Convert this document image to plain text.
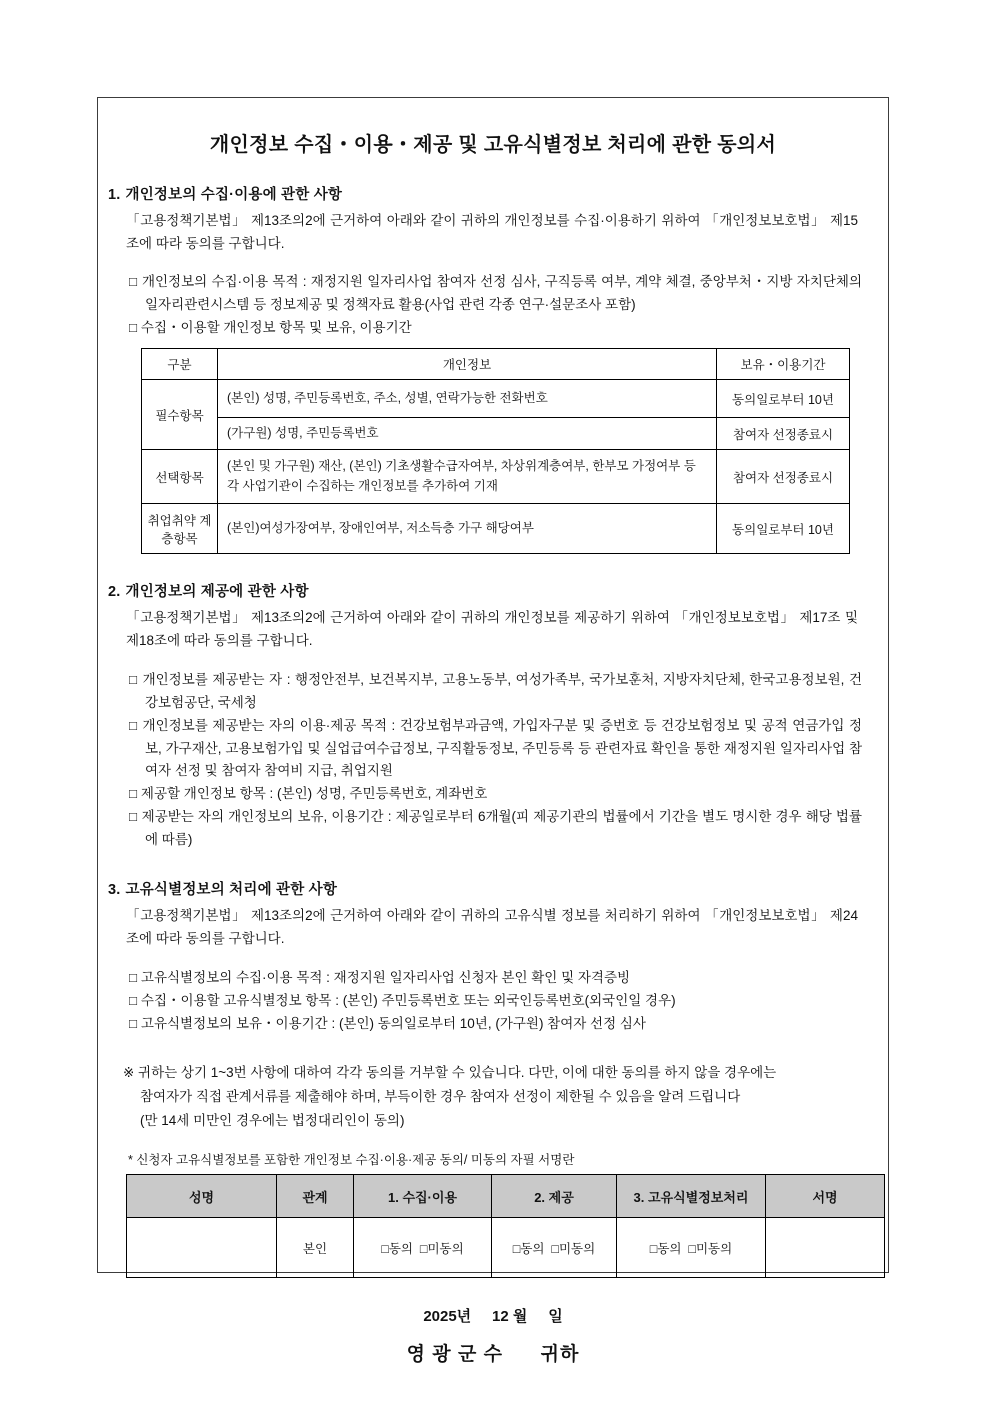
개인정보 수집・이용・제공 및 고유식별정보 처리에 관한 동의서
1. 개인정보의 수집·이용에 관한 사항
「고용정책기본법」 제13조의2에 근거하여 아래와 같이 귀하의 개인정보를 수집·이용하기 위하여 「개인정보보호법」 제15조에 따라 동의를 구합니다.
□ 개인정보의 수집·이용 목적 : 재정지원 일자리사업 참여자 선정 심사, 구직등록 여부, 계약 체결, 중앙부처・지방 자치단체의 일자리관련시스템 등 정보제공 및 정책자료 활용(사업 관련 각종 연구·설문조사 포함)
□ 수집・이용할 개인정보 항목 및 보유, 이용기간
구분	개인정보	보유・이용기간
필수항목	(본인) 성명, 주민등록번호, 주소, 성별, 연락가능한 전화번호	동의일로부터 10년
	(가구원) 성명, 주민등록번호	참여자 선정종료시
선택항목	(본인 및 가구원) 재산, (본인) 기초생활수급자여부, 차상위계층여부, 한부모 가정여부 등 각 사업기관이 수집하는 개인정보를 추가하여 기재	참여자 선정종료시
취업취약 계층항목	(본인)여성가장여부, 장애인여부, 저소득층 가구 해당여부	동의일로부터 10년
2. 개인정보의 제공에 관한 사항
「고용정책기본법」 제13조의2에 근거하여 아래와 같이 귀하의 개인정보를 제공하기 위하여 「개인정보보호법」 제17조 및 제18조에 따라 동의를 구합니다.
□ 개인정보를 제공받는 자 : 행정안전부, 보건복지부, 고용노동부, 여성가족부, 국가보훈처, 지방자치단체, 한국고용정보원, 건강보험공단, 국세청
□ 개인정보를 제공받는 자의 이용·제공 목적 : 건강보험부과금액, 가입자구분 및 증번호 등 건강보험정보 및 공적 연금가입 정보, 가구재산, 고용보험가입 및 실업급여수급정보, 구직활동정보, 주민등록 등 관련자료 확인을 통한 재정지원 일자리사업 참여자 선정 및 참여자 참여비 지급, 취업지원
□ 제공할 개인정보 항목 : (본인) 성명, 주민등록번호, 계좌번호
□ 제공받는 자의 개인정보의 보유, 이용기간 : 제공일로부터 6개월(피 제공기관의 법률에서 기간을 별도 명시한 경우 해당 법률에 따름)
3. 고유식별정보의 처리에 관한 사항
「고용정책기본법」 제13조의2에 근거하여 아래와 같이 귀하의 고유식별 정보를 처리하기 위하여 「개인정보보호법」 제24조에 따라 동의를 구합니다.
□ 고유식별정보의 수집·이용 목적 : 재정지원 일자리사업 신청자 본인 확인 및 자격증빙
□ 수집・이용할 고유식별정보 항목 : (본인) 주민등록번호 또는 외국인등록번호(외국인일 경우)
□ 고유식별정보의 보유・이용기간 : (본인) 동의일로부터 10년, (가구원) 참여자 선정 심사
※ 귀하는 상기 1~3번 사항에 대하여 각각 동의를 거부할 수 있습니다. 다만, 이에 대한 동의를 하지 않을 경우에는
참여자가 직접 관계서류를 제출해야 하며, 부득이한 경우 참여자 선정이 제한될 수 있음을 알려 드립니다
(만 14세 미만인 경우에는 법정대리인이 동의)
* 신청자 고유식별정보를 포함한 개인정보 수집·이용·제공 동의/ 미동의 자필 서명란
성명	관계	1. 수집·이용	2. 제공	3. 고유식별정보처리	서명
	본인	□동의  □미동의	□동의  □미동의	□동의  □미동의	
2025년     12 월     일
영 광 군 수      귀하
